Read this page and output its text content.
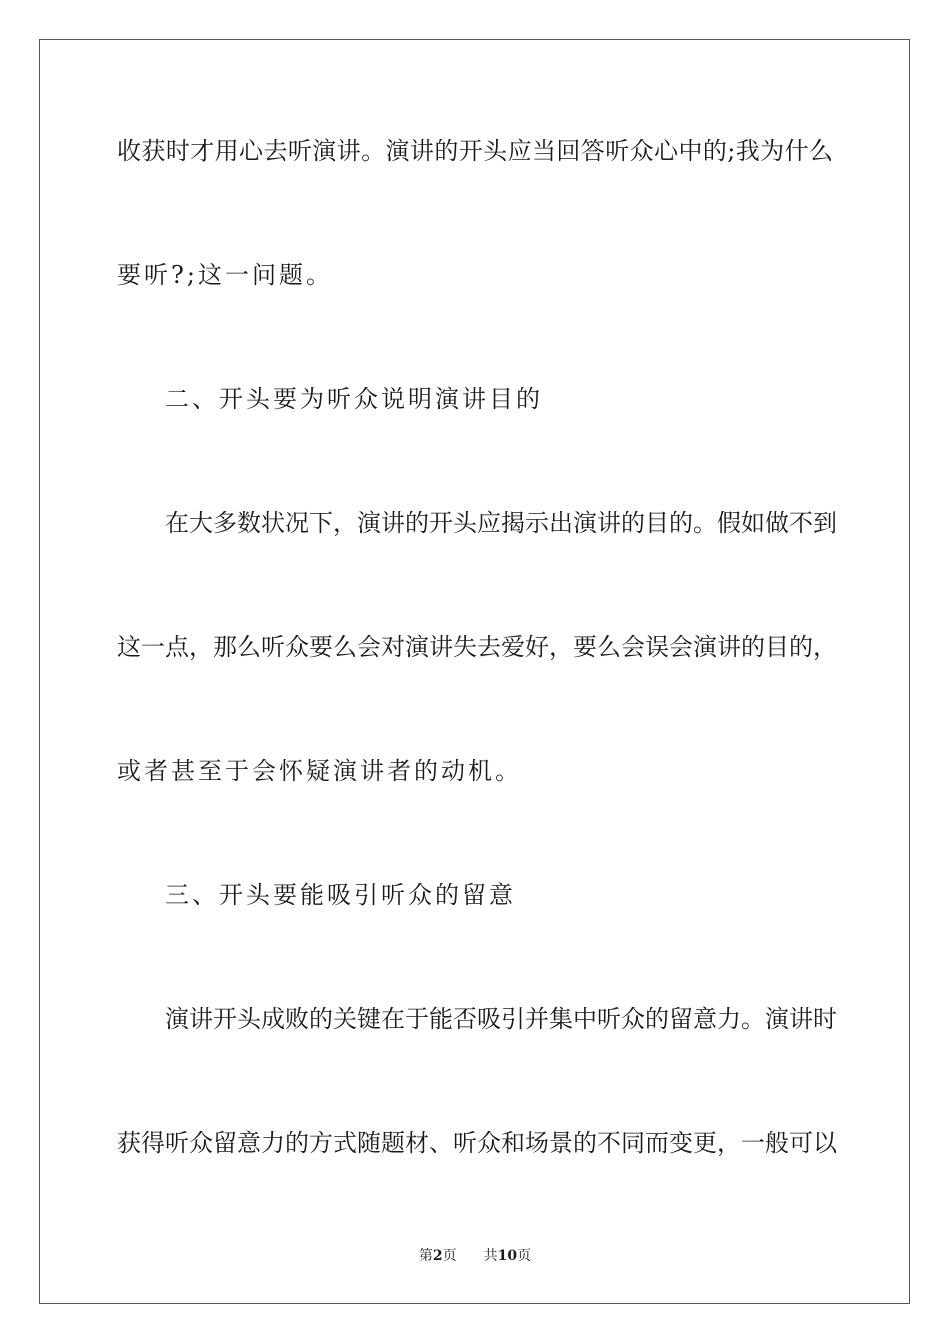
收获时才用心去听演讲。演讲的开头应当回答听众心中的;我为什么
要听?;这一问题。
二、开头要为听众说明演讲目的
在大多数状况下，演讲的开头应揭示出演讲的目的。假如做不到
这一点，那么听众要么会对演讲失去爱好，要么会误会演讲的目的，
或者甚至于会怀疑演讲者的动机。
三、开头要能吸引听众的留意
演讲开头成败的关键在于能否吸引并集中听众的留意力。演讲时
获得听众留意力的方式随题材、听众和场景的不同而变更，一般可以
第2页 共10页
